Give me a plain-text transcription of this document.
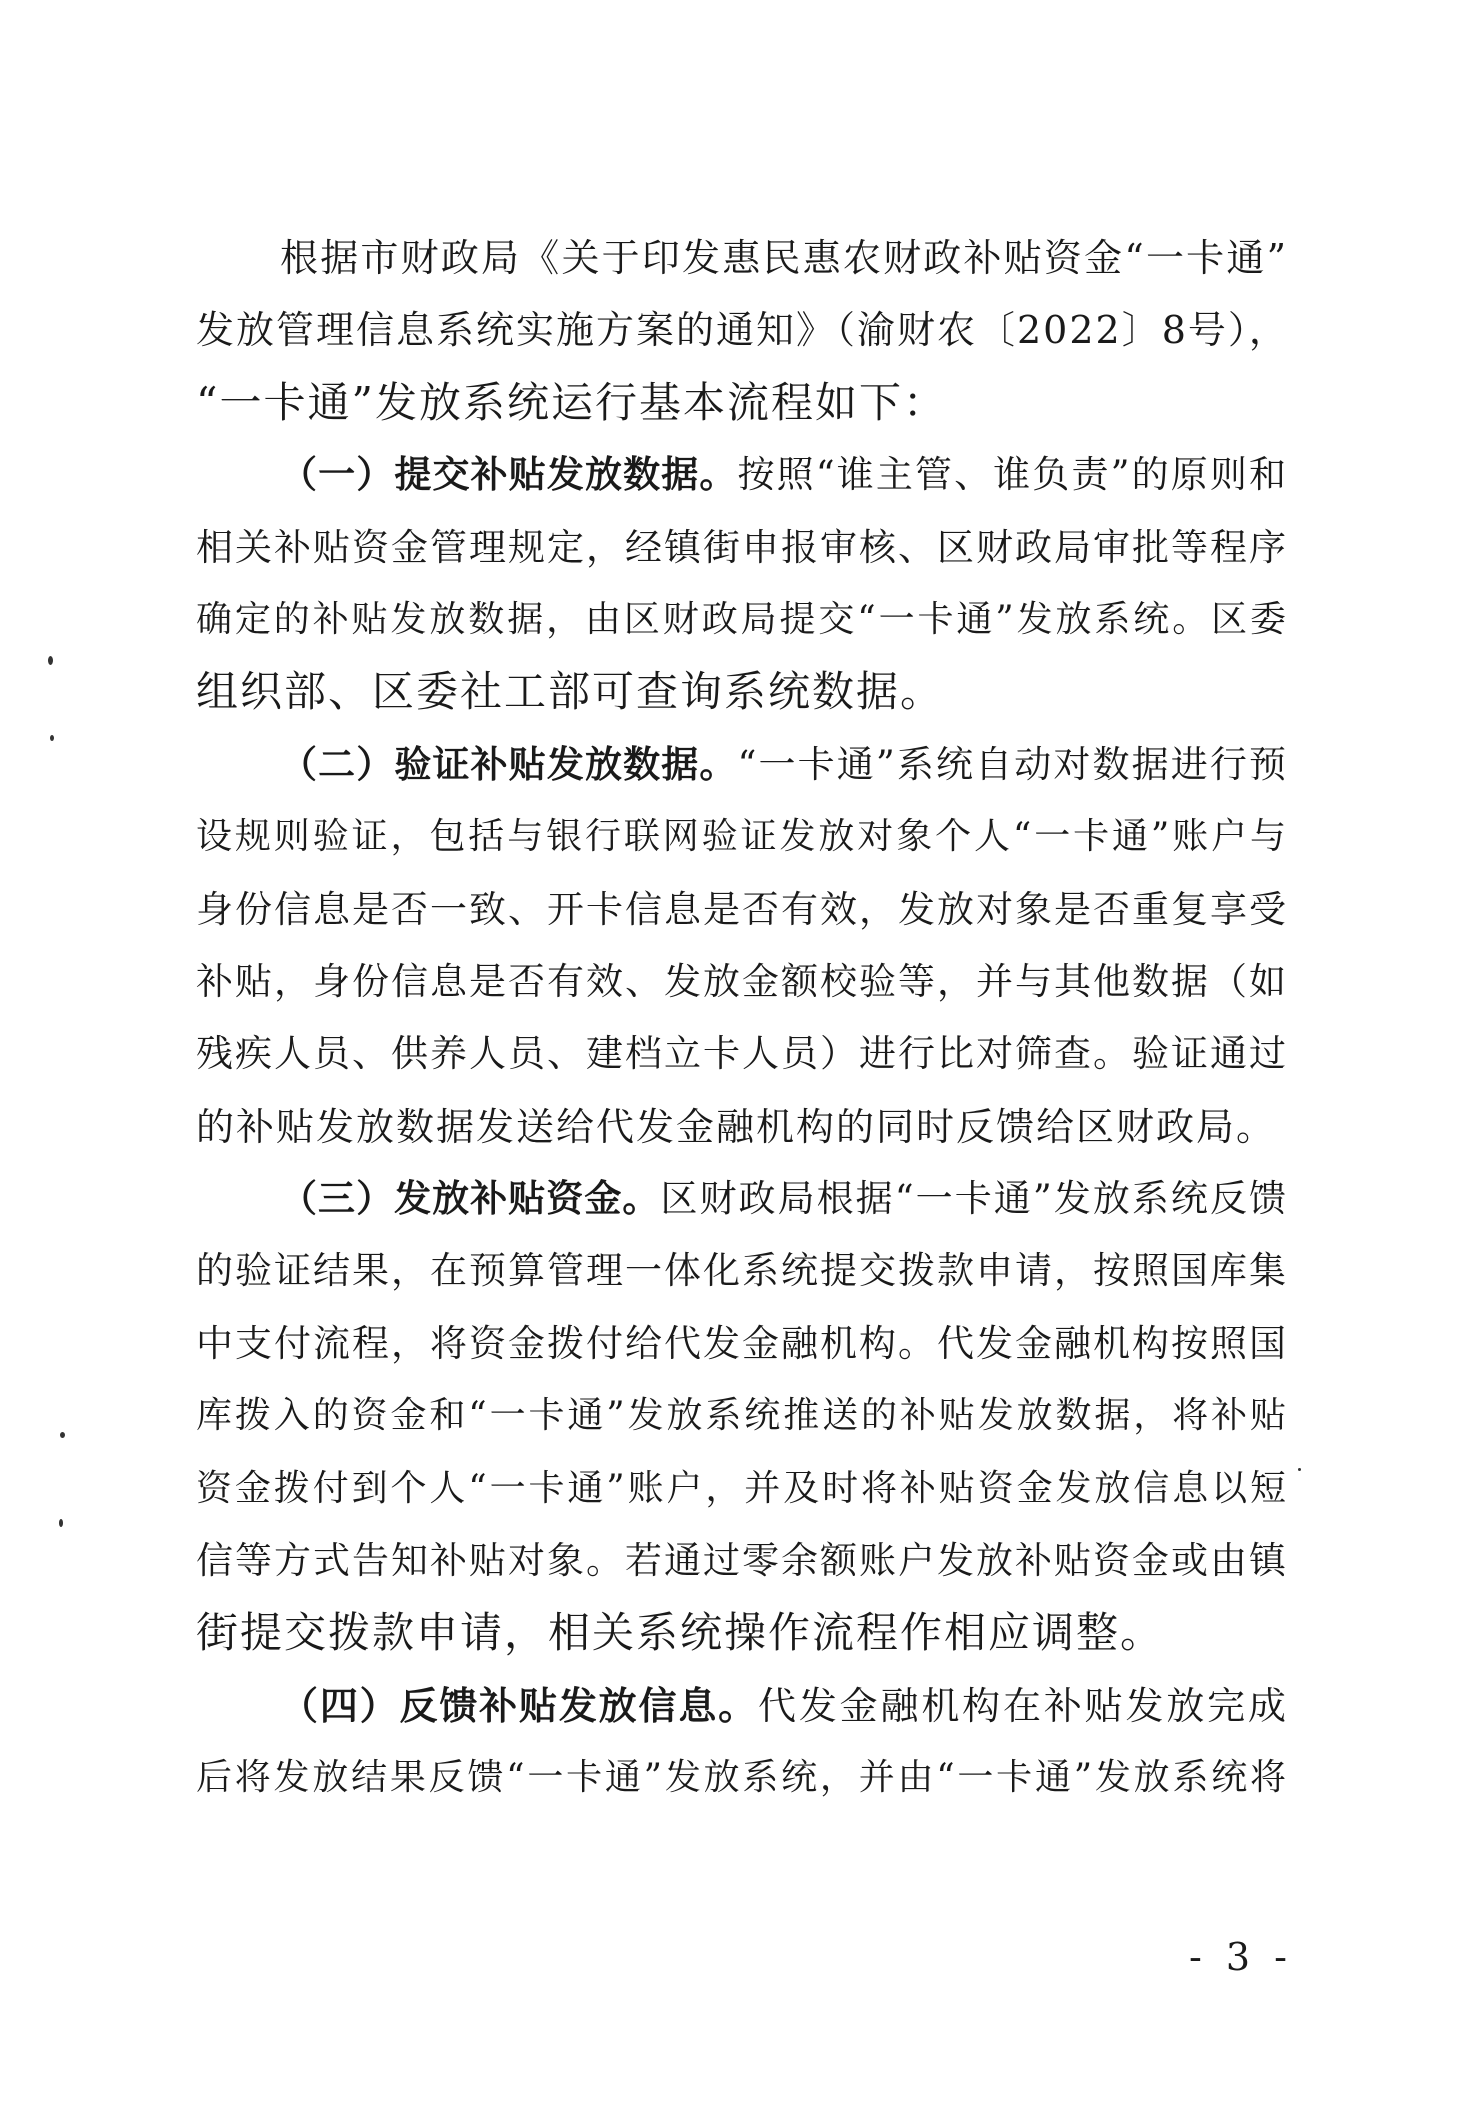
根据市财政局《关于印发惠民惠农财政补贴资金“一卡通”
发放管理信息系统实施方案的通知》（渝财农〔2022〕8号），
“一卡通”发放系统运行基本流程如下：
（一）提交补贴发放数据。按照“谁主管、谁负责”的原则和
相关补贴资金管理规定，经镇街申报审核、区财政局审批等程序
确定的补贴发放数据，由区财政局提交“一卡通”发放系统。区委
组织部、区委社工部可查询系统数据。
（二）验证补贴发放数据。“一卡通”系统自动对数据进行预
设规则验证，包括与银行联网验证发放对象个人“一卡通”账户与
身份信息是否一致、开卡信息是否有效，发放对象是否重复享受
补贴，身份信息是否有效、发放金额校验等，并与其他数据（如
残疾人员、供养人员、建档立卡人员）进行比对筛查。验证通过
的补贴发放数据发送给代发金融机构的同时反馈给区财政局。
（三）发放补贴资金。区财政局根据“一卡通”发放系统反馈
的验证结果，在预算管理一体化系统提交拨款申请，按照国库集
中支付流程，将资金拨付给代发金融机构。代发金融机构按照国
库拨入的资金和“一卡通”发放系统推送的补贴发放数据，将补贴
资金拨付到个人“一卡通”账户，并及时将补贴资金发放信息以短
信等方式告知补贴对象。若通过零余额账户发放补贴资金或由镇
街提交拨款申请，相关系统操作流程作相应调整。
（四）反馈补贴发放信息。代发金融机构在补贴发放完成
后将发放结果反馈“一卡通”发放系统，并由“一卡通”发放系统将
- 3 -
